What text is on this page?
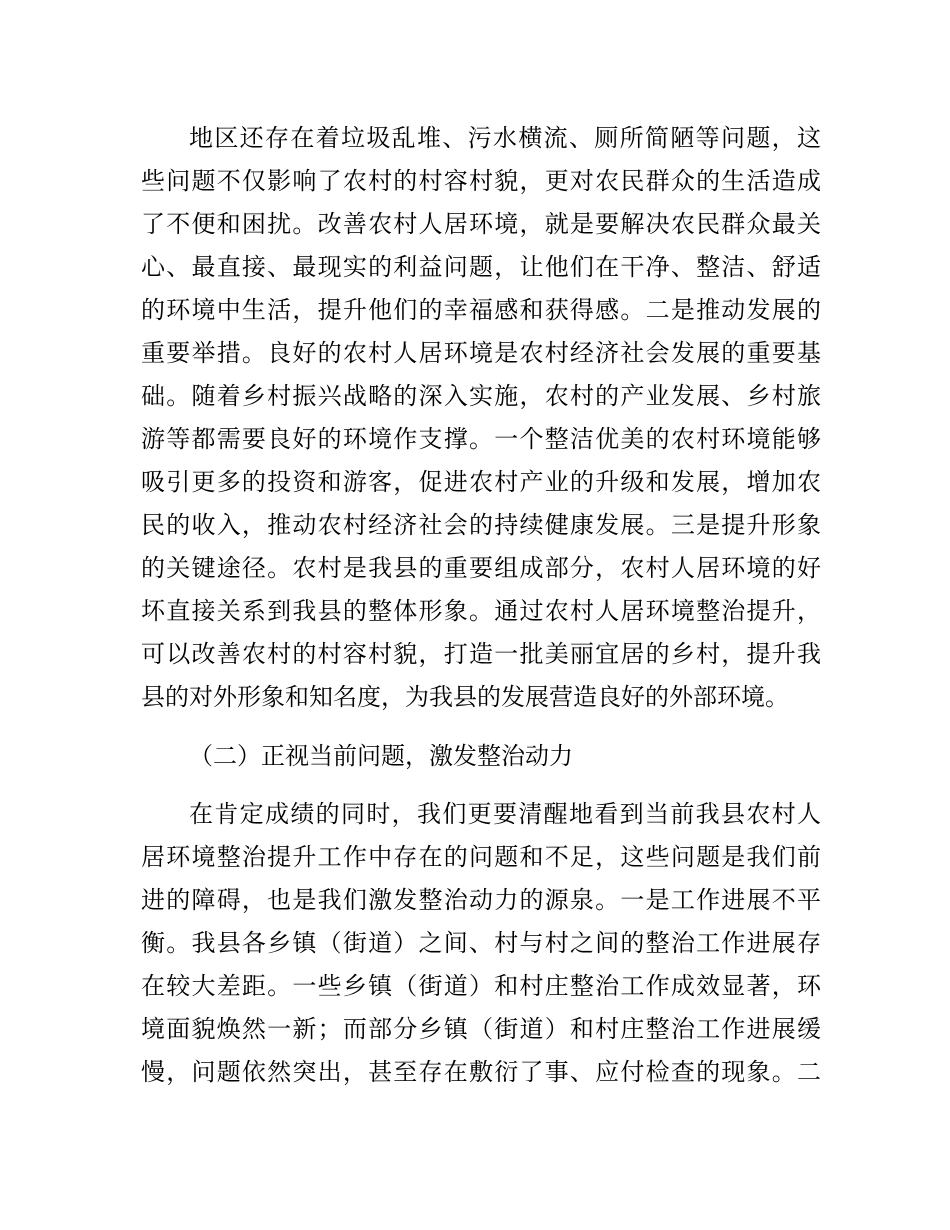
地区还存在着垃圾乱堆、污水横流、厕所简陋等问题，这
些问题不仅影响了农村的村容村貌，更对农民群众的生活造成
了不便和困扰。改善农村人居环境，就是要解决农民群众最关
心、最直接、最现实的利益问题，让他们在干净、整洁、舒适
的环境中生活，提升他们的幸福感和获得感。二是推动发展的
重要举措。良好的农村人居环境是农村经济社会发展的重要基
础。随着乡村振兴战略的深入实施，农村的产业发展、乡村旅
游等都需要良好的环境作支撑。一个整洁优美的农村环境能够
吸引更多的投资和游客，促进农村产业的升级和发展，增加农
民的收入，推动农村经济社会的持续健康发展。三是提升形象
的关键途径。农村是我县的重要组成部分，农村人居环境的好
坏直接关系到我县的整体形象。通过农村人居环境整治提升，
可以改善农村的村容村貌，打造一批美丽宜居的乡村，提升我
县的对外形象和知名度，为我县的发展营造良好的外部环境。
（二）正视当前问题，激发整治动力
在肯定成绩的同时，我们更要清醒地看到当前我县农村人
居环境整治提升工作中存在的问题和不足，这些问题是我们前
进的障碍，也是我们激发整治动力的源泉。一是工作进展不平
衡。我县各乡镇（街道）之间、村与村之间的整治工作进展存
在较大差距。一些乡镇（街道）和村庄整治工作成效显著，环
境面貌焕然一新；而部分乡镇（街道）和村庄整治工作进展缓
慢，问题依然突出，甚至存在敷衍了事、应付检查的现象。二
